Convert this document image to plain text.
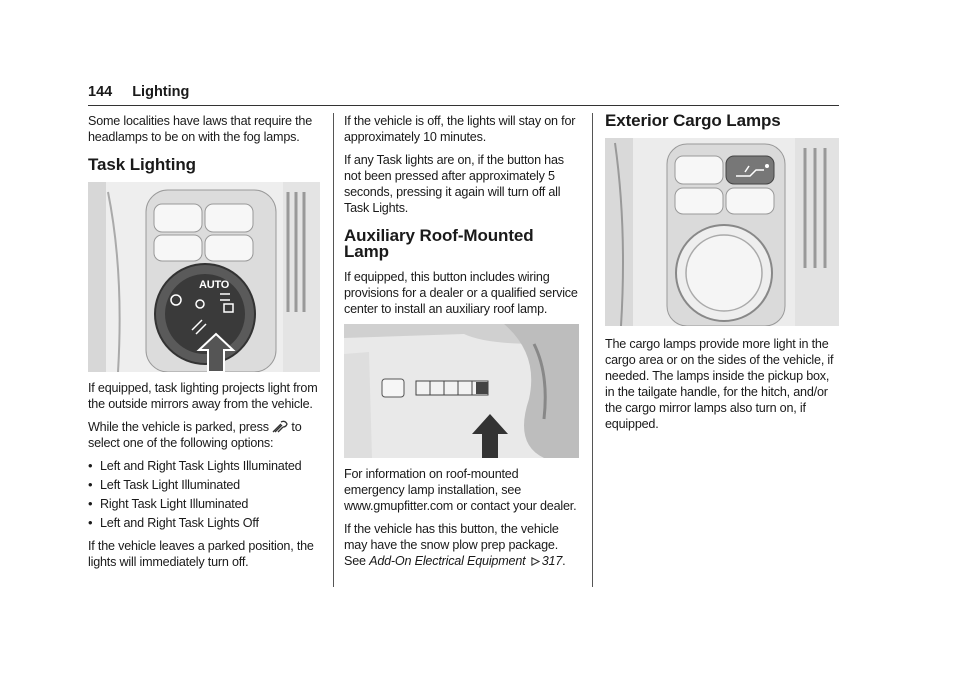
144 Lighting

Some localities have laws that require the headlamps to be on with the fog lamps.

Task Lighting
AUTO

If equipped, task lighting projects light from the outside mirrors away from the vehicle.

While the vehicle is parked, press to select one of the following options:

• Left and Right Task Lights Illuminated
• Left Task Light Illuminated
• Right Task Light Illuminated
• Left and Right Task Lights Off

If the vehicle leaves a parked position, the lights will immediately turn off.

If the vehicle is off, the lights will stay on for approximately 10 minutes.

If any Task lights are on, if the button has not been pressed after approximately 5 seconds, pressing it again will turn off all Task Lights.

Auxiliary Roof-Mounted Lamp

If equipped, this button includes wiring provisions for a dealer or a qualified service center to install an auxiliary roof lamp.

For information on roof-mounted emergency lamp installation, see www.gmupfitter.com or contact your dealer.

If the vehicle has this button, the vehicle may have the snow plow prep package. See Add-On Electrical Equipment 317.

Exterior Cargo Lamps

The cargo lamps provide more light in the cargo area or on the sides of the vehicle, if needed. The lamps inside the pickup box, in the tailgate handle, for the hitch, and/or the cargo mirror lamps also turn on, if equipped.
